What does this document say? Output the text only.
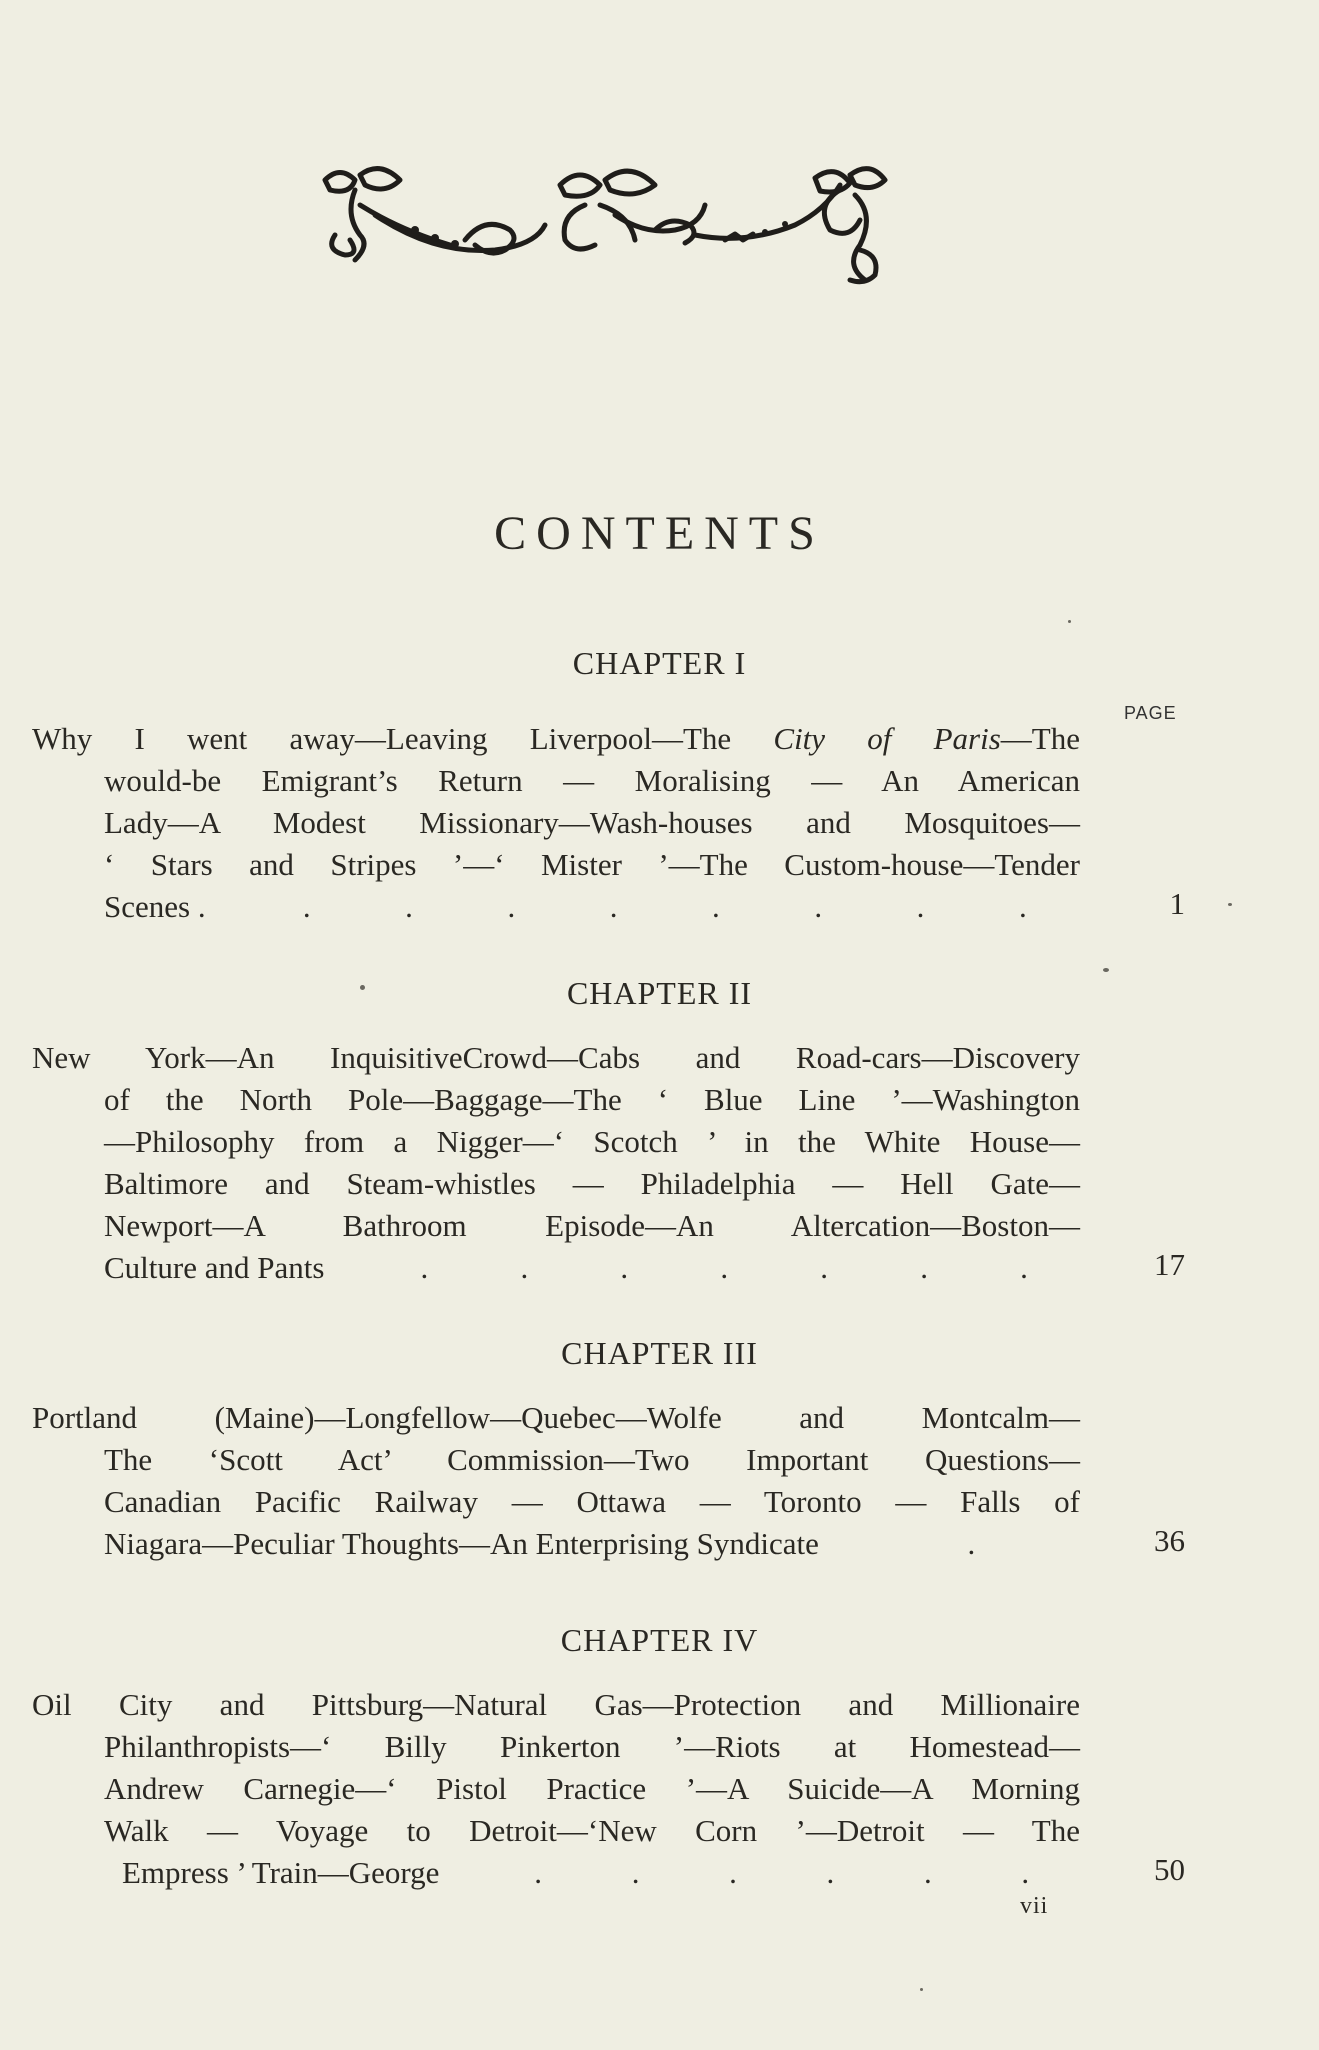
CONTENTS
PAGE
CHAPTER I
Why I went away—Leaving Liverpool—The City of Paris—The
would-be Emigrant’s Return — Moralising — An American
Lady—A Modest Missionary—Wash-houses and Mosquitoes—
‘ Stars and Stripes ’—‘ Mister ’—The Custom-house—Tender
Scenes .	.	.	.	.	.	.	.	.	1
CHAPTER II
New York—An InquisitiveCrowd—Cabs and Road-cars—Discovery
of the North Pole—Baggage—The ‘ Blue Line ’—Washington
—Philosophy from a Nigger—‘ Scotch ’ in the White House—
Baltimore and Steam-whistles — Philadelphia — Hell Gate—
Newport—A Bathroom Episode—An Altercation—Boston—
Culture and Pants	.	.	.	.	.	.	.	17
CHAPTER III
Portland (Maine)—Longfellow—Quebec—Wolfe and Montcalm—
The ‘Scott Act’ Commission—Two Important Questions—
Canadian Pacific Railway — Ottawa — Toronto — Falls of
Niagara—Peculiar Thoughts—An Enterprising Syndicate	.	36
CHAPTER IV
Oil City and Pittsburg—Natural Gas—Protection and Millionaire
Philanthropists—‘ Billy Pinkerton ’—Riots at Homestead—
Andrew Carnegie—‘ Pistol Practice ’—A Suicide—A Morning
Walk — Voyage to Detroit—‘New Corn ’—Detroit — The
Empress ’ Train—George	.	.	.	.	.	.	50
vii
